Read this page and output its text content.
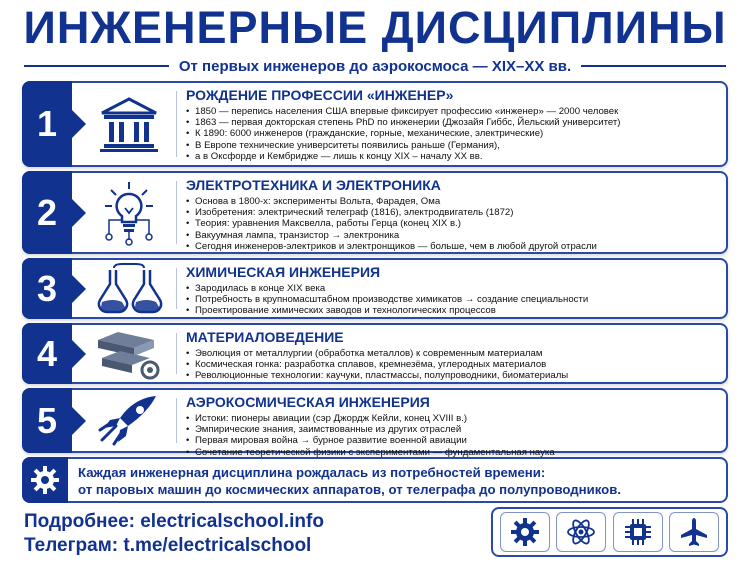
ИНЖЕНЕРНЫЕ ДИСЦИПЛИНЫ
От первых инженеров до аэрокосмоса — XIX–XX вв.
1
РОЖДЕНИЕ ПРОФЕССИИ «ИНЖЕНЕР»
• 1850 — перепись населения США впервые фиксирует профессию «инженер» — 2000 человек
• 1863 — первая докторская степень PhD по инженерии (Джозайя Гиббс, Йельский университет)
• К 1890: 6000 инженеров (гражданские, горные, механические, электрические)
• В Европе технические университеты появились раньше (Германия),
• а в Оксфорде и Кембридже — лишь к концу XIX – началу XX вв.
2
ЭЛЕКТРОТЕХНИКА И ЭЛЕКТРОНИКА
• Основа в 1800-х: эксперименты Вольта, Фарадея, Ома
• Изобретения: электрический телеграф (1816), электродвигатель (1872)
• Теория: уравнения Максвелла, работы Герца (конец XIX в.)
• Вакуумная лампа, транзистор → электроника
• Сегодня инженеров-электриков и электронщиков — больше, чем в любой другой отрасли
3	ХИМИЧЕСКАЯ ИНЖЕНЕРИЯ
• Зародилась в конце XIX века
• Потребность в крупномасштабном производстве химикатов → создание специальности
• Проектирование химических заводов и технологических процессов
4	МАТЕРИАЛОВЕДЕНИЕ
• Эволюция от металлургии (обработка металлов) к современным материалам
• Космическая гонка: разработка сплавов, кремнезёма, углеродных материалов
• Революционные технологии: каучуки, пластмассы, полупроводники, биоматериалы
5	АЭРОКОСМИЧЕСКАЯ ИНЖЕНЕРИЯ
• Истоки: пионеры авиации (сэр Джордж Кейли, конец XVIII в.)
• Эмпирические знания, заимствованные из других отраслей
• Первая мировая война → бурное развитие военной авиации
• Сочетание теоретической физики с экспериментами — фундаментальная наука
Каждая инженерная дисциплина рождалась из потребностей времени:
от паровых машин до космических аппаратов, от телеграфа до полупроводников.
Подробнее: electricalschool.info
Телеграм: t.me/electricalschool
